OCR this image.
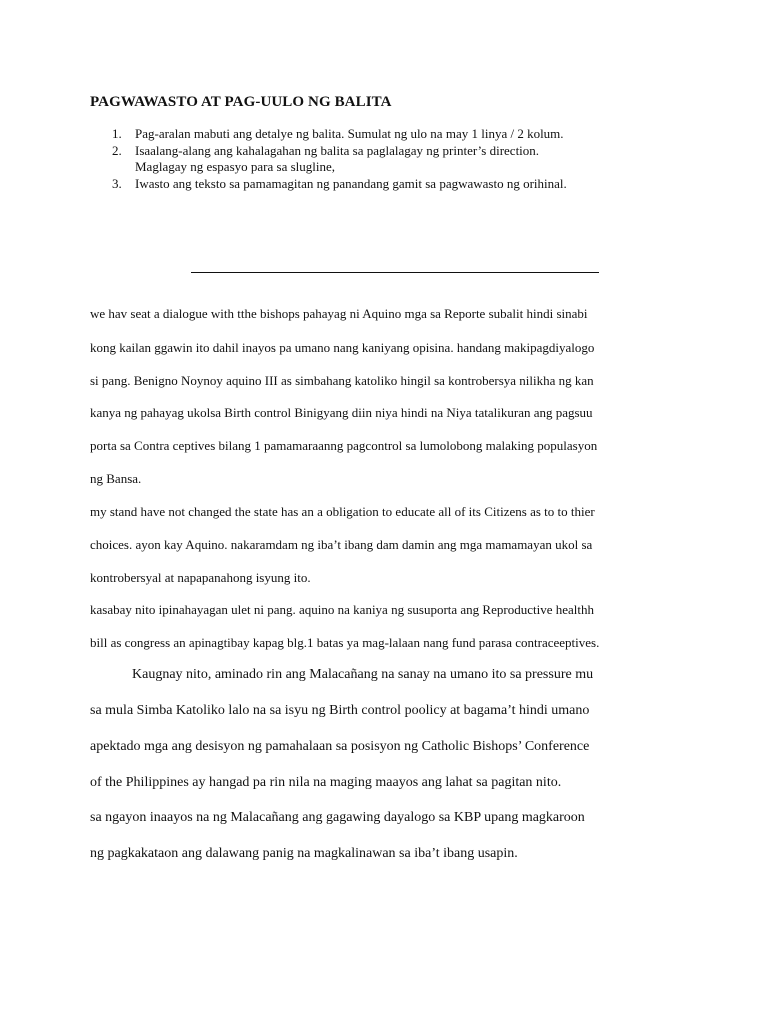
PAGWAWASTO AT PAG-UULO NG BALITA
1.	Pag-aralan mabuti ang detalye ng balita. Sumulat ng ulo na may 1 linya / 2 kolum.
2.	Isaalang-alang ang kahalagahan ng balita sa paglalagay ng printer’s direction. Maglagay ng espasyo para sa slugline,
3.	Iwasto ang teksto sa pamamagitan ng panandang gamit sa pagwawasto ng orihinal.
we hav seat a dialogue with tthe bishops pahayag ni Aquino mga sa Reporte subalit hindi sinabi
kong kailan ggawin ito dahil inayos pa umano nang kaniyang opisina. handang makipagdiyalogo
si pang. Benigno Noynoy aquino III as simbahang katoliko hingil sa kontrobersya nilikha ng kan
kanya ng pahayag ukolsa Birth control Binigyang diin niya hindi na Niya tatalikuran ang pagsuu
porta sa Contra ceptives bilang 1 pamamaraanng pagcontrol sa lumolobong malaking populasyon
ng Bansa.
my stand have not changed the state has an a obligation to educate all of its Citizens as to to thier
choices. ayon kay Aquino. nakaramdam ng iba’t ibang dam damin ang mga mamamayan ukol sa
kontrobersyal at napapanahong isyung ito.
kasabay nito ipinahayagan ulet ni pang. aquino na kaniya ng susuporta ang Reproductive healthh
bill as congress an apinagtibay kapag blg.1 batas ya mag-lalaan nang fund parasa contraceeptives.
Kaugnay nito, aminado rin ang Malacañang na sanay na umano ito sa pressure mu
sa mula Simba Katoliko lalo na sa isyu ng Birth control poolicy at bagama’t hindi umano
apektado mga ang desisyon ng pamahalaan sa posisyon ng Catholic Bishops’ Conference
of the Philippines ay hangad pa rin nila na maging maayos ang lahat sa pagitan nito.
sa ngayon inaayos na ng Malacañang ang gagawing dayalogo sa KBP upang magkaroon
ng pagkakataon ang dalawang panig na magkalinawan sa iba’t ibang usapin.
